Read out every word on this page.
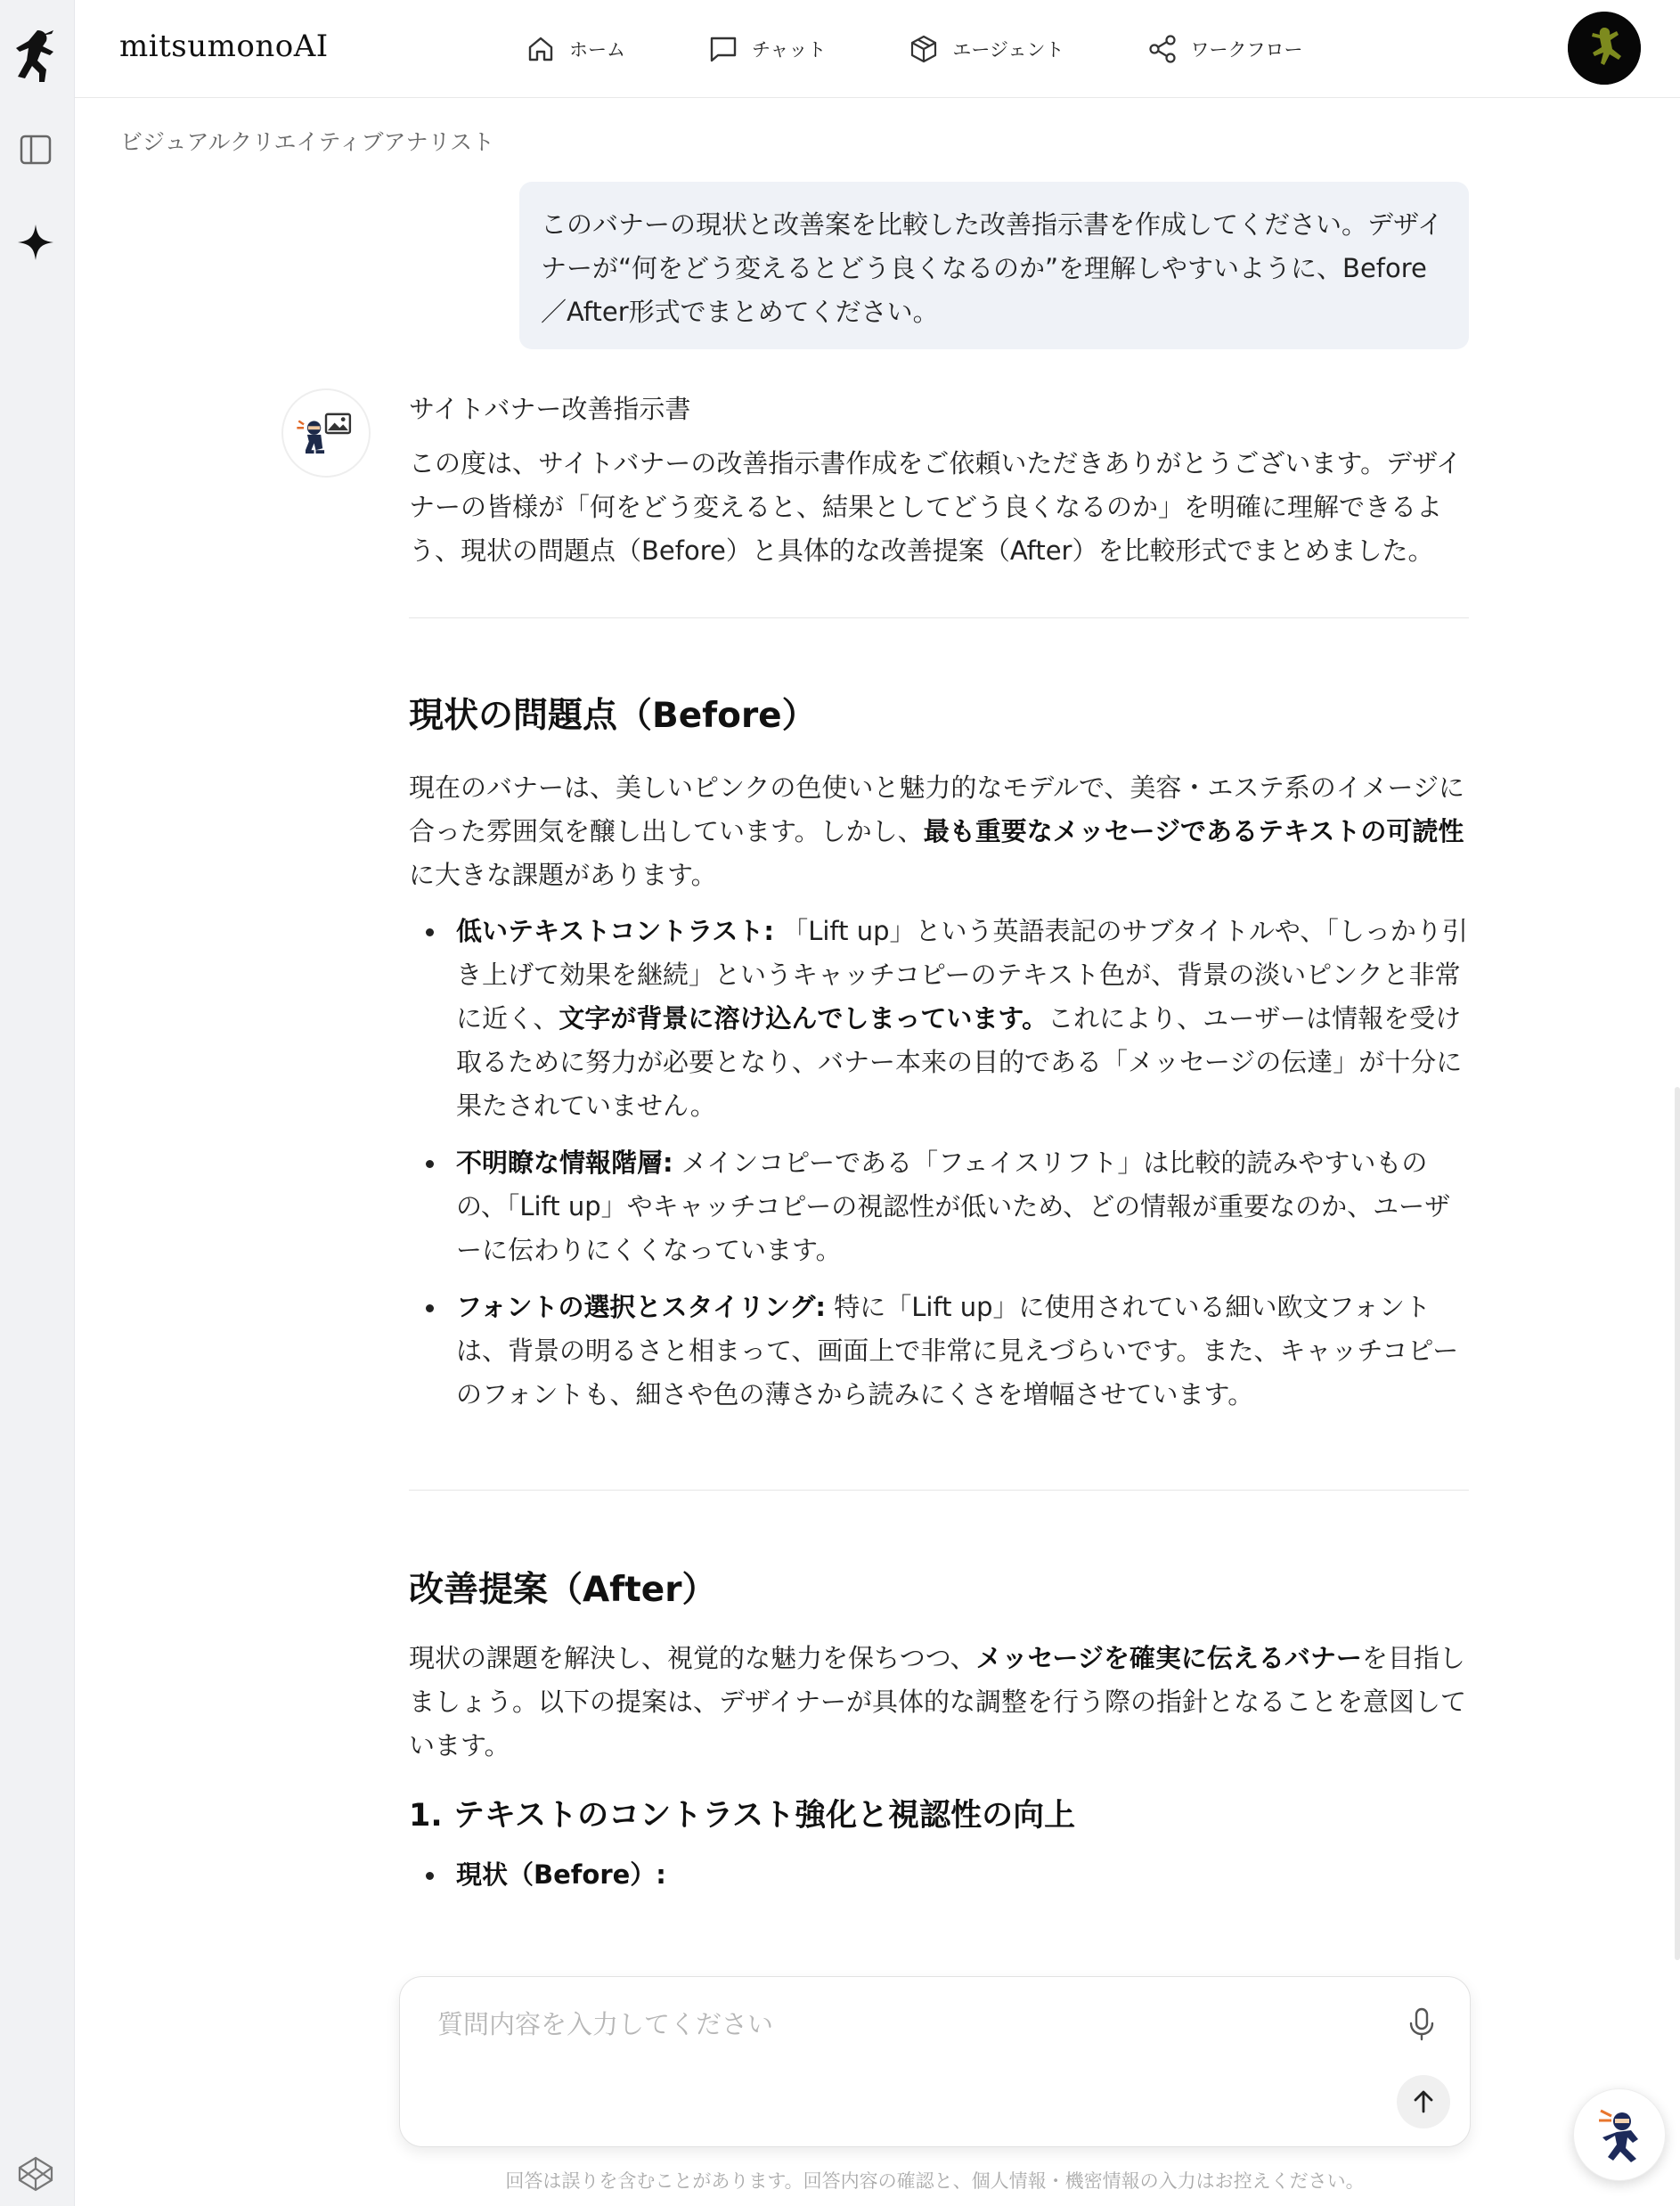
mitsumonoAI	ホーム	チャット	エージェント	ワークフロー
ビジュアルクリエイティブアナリスト
このバナーの現状と改善案を比較した改善指示書を作成してください。デザイナーが“何をどう変えるとどう良くなるのか”を理解しやすいように、Before／After形式でまとめてください。
サイトバナー改善指示書
この度は、サイトバナーの改善指示書作成をご依頼いただきありがとうございます。デザイナーの皆様が「何をどう変えると、結果としてどう良くなるのか」を明確に理解できるよう、現状の問題点（Before）と具体的な改善提案（After）を比較形式でまとめました。
現状の問題点（Before）
現在のバナーは、美しいピンクの色使いと魅力的なモデルで、美容・エステ系のイメージに合った雰囲気を醸し出しています。しかし、最も重要なメッセージであるテキストの可読性に大きな課題があります。
低いテキストコントラスト: 「Lift up」という英語表記のサブタイトルや、「しっかり引き上げて効果を継続」というキャッチコピーのテキスト色が、背景の淡いピンクと非常に近く、文字が背景に溶け込んでしまっています。これにより、ユーザーは情報を受け取るために努力が必要となり、バナー本来の目的である「メッセージの伝達」が十分に果たされていません。
不明瞭な情報階層: メインコピーである「フェイスリフト」は比較的読みやすいものの、「Lift up」やキャッチコピーの視認性が低いため、どの情報が重要なのか、ユーザーに伝わりにくくなっています。
フォントの選択とスタイリング: 特に「Lift up」に使用されている細い欧文フォントは、背景の明るさと相まって、画面上で非常に見えづらいです。また、キャッチコピーのフォントも、細さや色の薄さから読みにくさを増幅させています。
改善提案（After）
現状の課題を解決し、視覚的な魅力を保ちつつ、メッセージを確実に伝えるバナーを目指しましょう。以下の提案は、デザイナーが具体的な調整を行う際の指針となることを意図しています。
1. テキストのコントラスト強化と視認性の向上
現状（Before）:
質問内容を入力してください
回答は誤りを含むことがあります。回答内容の確認と、個人情報・機密情報の入力はお控えください。
